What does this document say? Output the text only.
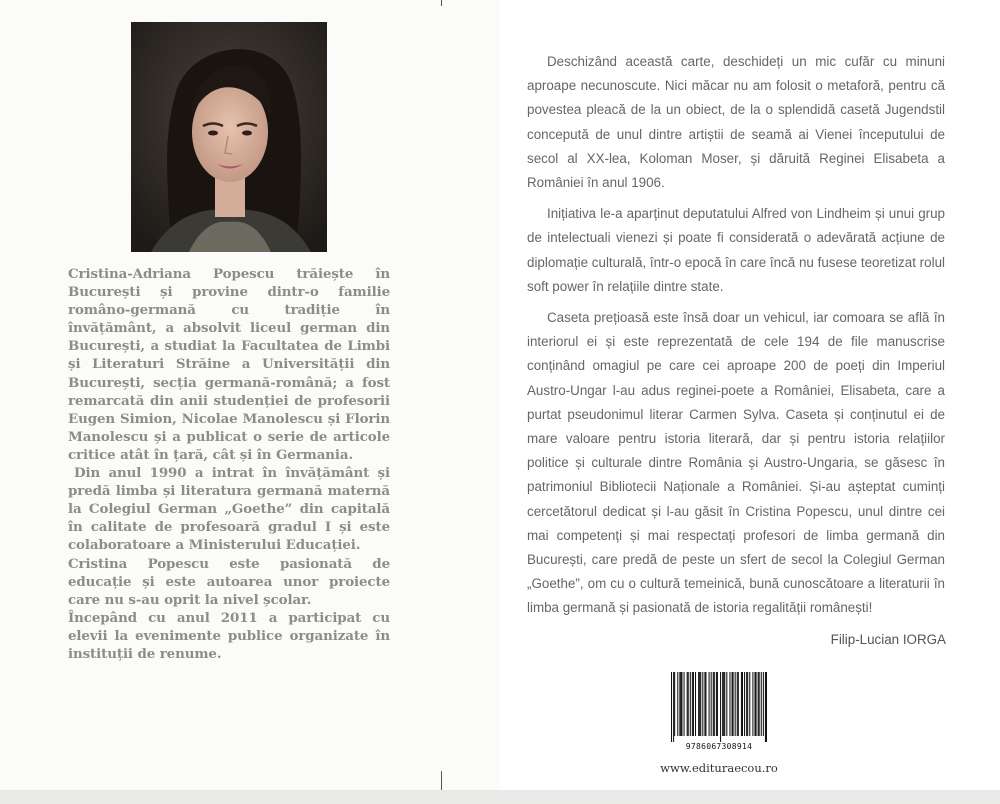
Cristina-Adriana Popescu trăiește în București și provine dintr-o familie româno-germană cu tradiție în învățământ, a absolvit liceul german din București, a studiat la Facultatea de Limbi și Literaturi Străine a Universității din București, secția germană-română; a fost remarcată din anii studenției de profesorii Eugen Simion, Nicolae Manolescu și Florin Manolescu și a publicat o serie de articole critice atât în țară, cât și în Germania.

Din anul 1990 a intrat în învățământ și predă limba și literatura germană maternă la Colegiul German „Goethe” din capitală în calitate de profesoară gradul I și este colaboratoare a Ministerului Educației.

Cristina Popescu este pasionată de educație și este autoarea unor proiecte care nu s-au oprit la nivel școlar.

Începând cu anul 2011 a participat cu elevii la evenimente publice organizate în instituții de renume.

Deschizând această carte, deschideți un mic cufăr cu minuni aproape necunoscute. Nici măcar nu am folosit o metaforă, pentru că povestea pleacă de la un obiect, de la o splendidă casetă Jugendstil concepută de unul dintre artiștii de seamă ai Vienei începutului de secol al XX-lea, Koloman Moser, și dăruită Reginei Elisabeta a României în anul 1906.

Inițiativa le-a aparținut deputatului Alfred von Lindheim și unui grup de intelectuali vienezi și poate fi considerată o adevărată acțiune de diplomație culturală, într-o epocă în care încă nu fusese teoretizat rolul soft power în relațiile dintre state.

Caseta prețioasă este însă doar un vehicul, iar comoara se află în interiorul ei și este reprezentată de cele 194 de file manuscrise conținând omagiul pe care cei aproape 200 de poeți din Imperiul Austro-Ungar l-au adus reginei-poete a României, Elisabeta, care a purtat pseudonimul literar Carmen Sylva. Caseta și conținutul ei de mare valoare pentru istoria literară, dar și pentru istoria relațiilor politice și culturale dintre România și Austro-Ungaria, se găsesc în patrimoniul Bibliotecii Naționale a României. Și-au așteptat cuminți cercetătorul dedicat și l-au găsit în Cristina Popescu, unul dintre cei mai competenți și mai respectați profesori de limba germană din București, care predă de peste un sfert de secol la Colegiul German „Goethe”, om cu o cultură temeinică, bună cunoscătoare a literaturii în limba germană și pasionată de istoria regalității românești!

Filip-Lucian IORGA
9786067308914
www.edituraecou.ro
